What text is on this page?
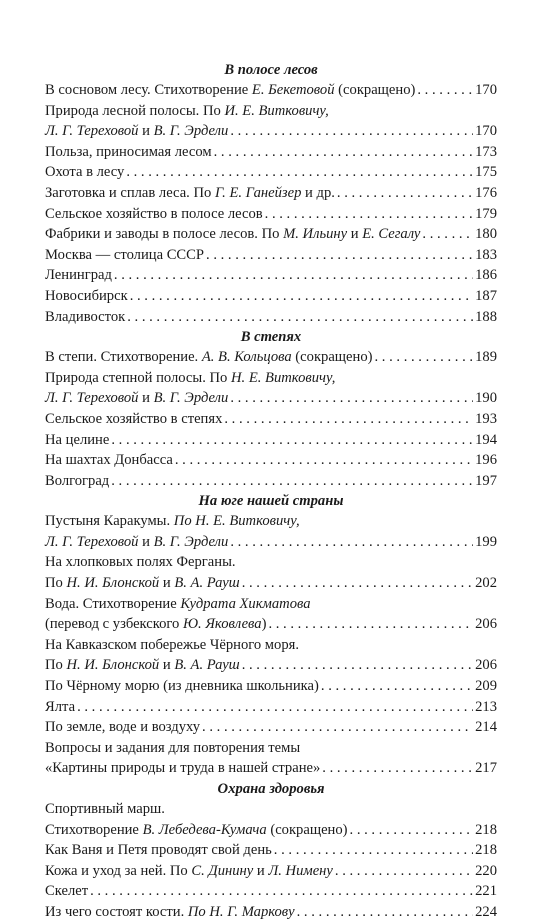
В полосе лесов
В сосновом лесу. Стихотворение Е. Бекетовой (сокращено) . . .	170
Природа лесной полосы. По И. Е. Витковичу,
Л. Г. Тереховой и В. Г. Эрдели . . .	170
Польза, приносимая лесом . . .	173
Охота в лесу . . .	175
Заготовка и сплав леса. По Г. Е. Ганейзер и др. . . .	176
Сельское хозяйство в полосе лесов . . .	179
Фабрики и заводы в полосе лесов. По М. Ильину и Е. Сегалу . . .	180
Москва — столица СССР . . .	183
Ленинград . . .	186
Новосибирск . . .	187
Владивосток . . .	188
В степях
В степи. Стихотворение. А. В. Кольцова (сокращено) . . .	189
Природа степной полосы. По Н. Е. Витковичу,
Л. Г. Тереховой и В. Г. Эрдели . . .	190
Сельское хозяйство в степях . . .	193
На целине . . .	194
На шахтах Донбасса . . .	196
Волгоград . . .	197
На юге нашей страны
Пустыня Каракумы. По Н. Е. Витковичу,
Л. Г. Тереховой и В. Г. Эрдели . . .	199
На хлопковых полях Ферганы.
По Н. И. Блонской и В. А. Рауш . . .	202
Вода. Стихотворение Кудрата Хикматова
(перевод с узбекского Ю. Яковлева) . . .	206
На Кавказском побережье Чёрного моря.
По Н. И. Блонской и В. А. Рауш . . .	206
По Чёрному морю (из дневника школьника) . . .	209
Ялта . . .	213
По земле, воде и воздуху . . .	214
Вопросы и задания для повторения темы
«Картины природы и труда в нашей стране» . . .	217
Охрана здоровья
Спортивный марш.
Стихотворение В. Лебедева-Кумача (сокращено) . . .	218
Как Ваня и Петя проводят свой день . . .	218
Кожа и уход за ней. По С. Динину и Л. Нимену . . .	220
Скелет . . .	221
Из чего состоят кости. По Н. Г. Маркову . . .	224
